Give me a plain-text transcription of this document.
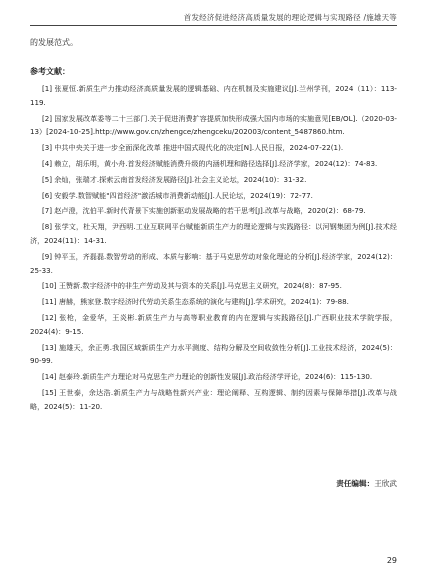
首发经济促进经济高质量发展的理论逻辑与实现路径 /施雄天等

的发展范式。

参考文献：

[1] 张夏恒.新质生产力推动经济高质量发展的逻辑基础、内在机制及实施建议[J].兰州学刊，2024（11）：113-119.

[2] 国家发展改革委等二十三部门.关于促进消费扩容提质加快形成强大国内市场的实施意见[EB/OL].（2020-03-13）[2024-10-25].http://www.gov.cn/zhengce/zhengceku/202003/content_5487860.htm.

[3] 中共中央关于进一步全面深化改革 推进中国式现代化的决定[N].人民日报，2024-07-22(1).

[4] 赖立，胡乐明，黄小舟.首发经济赋能消费升级的内涵机理和路径选择[J].经济学家，2024(12)：74-83.

[5] 余灿，张瑞才.探索云南首发经济发展路径[J].社会主义论坛，2024(10)：31-32.

[6] 安毅学.数智赋能"四首经济"激活城市消费新动能[J].人民论坛，2024(19)：72-77.

[7] 赵卢澄，沈伯平.新时代背景下实施创新驱动发展战略的若干思考[J].改革与战略，2020(2)：68-79.

[8] 张学文，杜天翔，尹西明.工业互联网平台赋能新质生产力的理论逻辑与实践路径：以河钢集团为例[J].技术经济，2024(11)：14-31.

[9] 钟平玉，齐磊磊.数智劳动的形成、本质与影响：基于马克思劳动对象化理论的分析[J].经济学家，2024(12)：25-33.

[10] 王赞新.数字经济中的非生产劳动及其与资本的关系[J].马克思主义研究，2024(8)：87-95.

[11] 唐赫，熊家登.数字经济时代劳动关系生态系统的演化与建构[J].学术研究，2024(1)：79-88.

[12] 张枪，金爱华，王炎彬.新质生产力与高等职业教育的内在逻辑与实践路径[J].广西职业技术学院学报，2024(4)：9-15.

[13] 施雄天，余正勇.我国区域新质生产力水平测度、结构分解及空间收敛性分析[J].工业技术经济，2024(5)：90-99.

[14] 赵泰玲.新质生产力理论对马克思生产力理论的创新性发展[J].政治经济学评论，2024(6)：115-130.

[15] 王世泰，余达浩.新质生产力与战略性新兴产业：理论阐释、互构逻辑、制约因素与保障举措[J].改革与战略，2024(5)：11-20.

责任编辑：王欣武
29
